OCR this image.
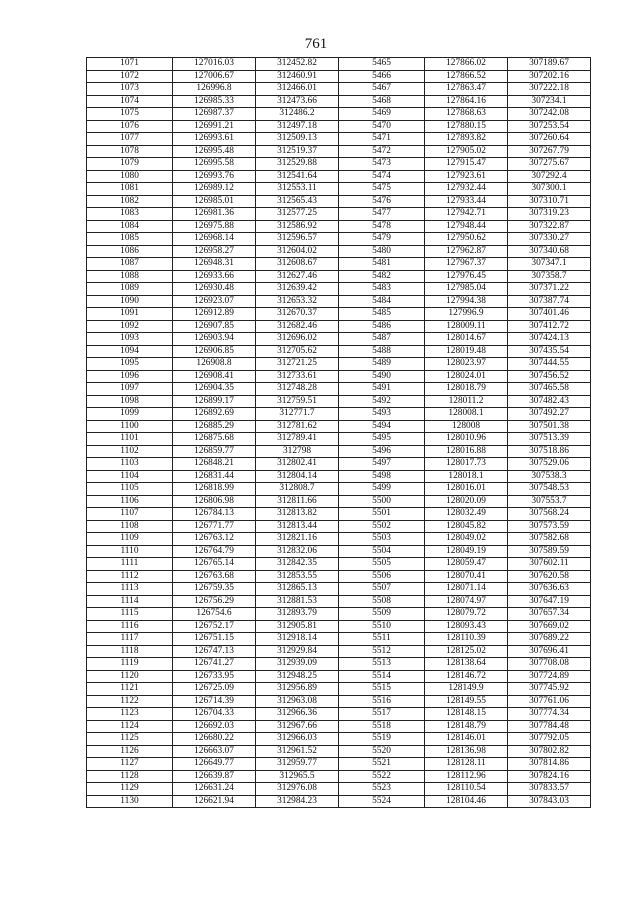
761
1071	127016.03	312452.82	5465	127866.02	307189.67
1072	127006.67	312460.91	5466	127866.52	307202.16
1073	126996.8	312466.01	5467	127863.47	307222.18
1074	126985.33	312473.66	5468	127864.16	307234.1
1075	126987.37	312486.2	5469	127868.63	307242.08
1076	126991.21	312497.18	5470	127880.15	307253.54
1077	126993.61	312509.13	5471	127893.82	307260.64
1078	126995.48	312519.37	5472	127905.02	307267.79
1079	126995.58	312529.88	5473	127915.47	307275.67
1080	126993.76	312541.64	5474	127923.61	307292.4
1081	126989.12	312553.11	5475	127932.44	307300.1
1082	126985.01	312565.43	5476	127933.44	307310.71
1083	126981.36	312577.25	5477	127942.71	307319.23
1084	126975.88	312586.92	5478	127948.44	307322.87
1085	126968.14	312596.57	5479	127950.62	307330.27
1086	126958.27	312604.02	5480	127962.87	307340.68
1087	126948.31	312608.67	5481	127967.37	307347.1
1088	126933.66	312627.46	5482	127976.45	307358.7
1089	126930.48	312639.42	5483	127985.04	307371.22
1090	126923.07	312653.32	5484	127994.38	307387.74
1091	126912.89	312670.37	5485	127996.9	307401.46
1092	126907.85	312682.46	5486	128009.11	307412.72
1093	126903.94	312696.02	5487	128014.67	307424.13
1094	126906.85	312705.62	5488	128019.48	307435.54
1095	126908.8	312721.25	5489	128023.97	307444.55
1096	126908.41	312733.61	5490	128024.01	307456.52
1097	126904.35	312748.28	5491	128018.79	307465.58
1098	126899.17	312759.51	5492	128011.2	307482.43
1099	126892.69	312771.7	5493	128008.1	307492.27
1100	126885.29	312781.62	5494	128008	307501.38
1101	126875.68	312789.41	5495	128010.96	307513.39
1102	126859.77	312798	5496	128016.88	307518.86
1103	126848.21	312802.41	5497	128017.73	307529.06
1104	126831.44	312804.14	5498	128018.1	307538.3
1105	126818.99	312808.7	5499	128016.01	307548.53
1106	126806.98	312811.66	5500	128020.09	307553.7
1107	126784.13	312813.82	5501	128032.49	307568.24
1108	126771.77	312813.44	5502	128045.82	307573.59
1109	126763.12	312821.16	5503	128049.02	307582.68
1110	126764.79	312832.06	5504	128049.19	307589.59
1111	126765.14	312842.35	5505	128059.47	307602.11
1112	126763.68	312853.55	5506	128070.41	307620.58
1113	126759.35	312865.13	5507	128071.14	307636.63
1114	126756.29	312881.53	5508	128074.97	307647.19
1115	126754.6	312893.79	5509	128079.72	307657.34
1116	126752.17	312905.81	5510	128093.43	307669.02
1117	126751.15	312918.14	5511	128110.39	307689.22
1118	126747.13	312929.84	5512	128125.02	307696.41
1119	126741.27	312939.09	5513	128138.64	307708.08
1120	126733.95	312948.25	5514	128146.72	307724.89
1121	126725.09	312956.89	5515	128149.9	307745.92
1122	126714.39	312963.08	5516	128149.55	307761.06
1123	126704.33	312966.36	5517	128148.15	307774.34
1124	126692.03	312967.66	5518	128148.79	307784.48
1125	126680.22	312966.03	5519	128146.01	307792.05
1126	126663.07	312961.52	5520	128136.98	307802.82
1127	126649.77	312959.77	5521	128128.11	307814.86
1128	126639.87	312965.5	5522	128112.96	307824.16
1129	126631.24	312976.08	5523	128110.54	307833.57
1130	126621.94	312984.23	5524	128104.46	307843.03
